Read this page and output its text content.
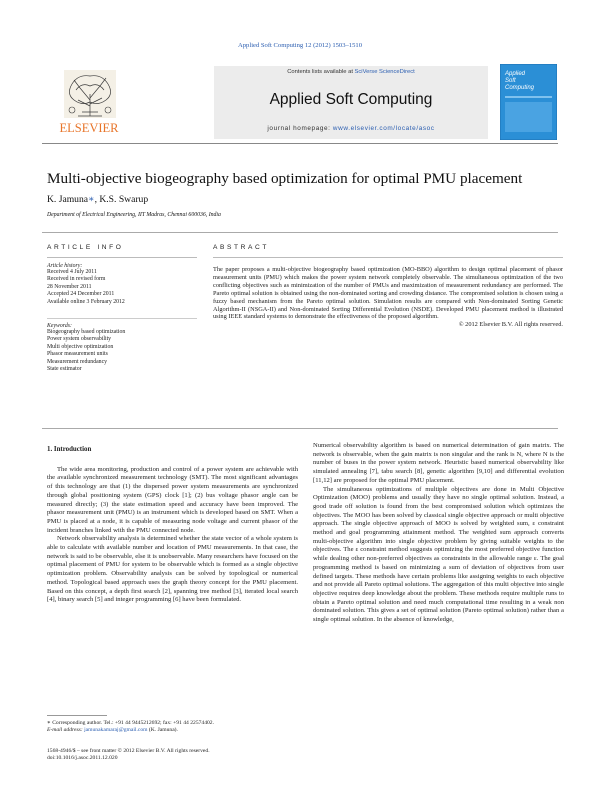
Applied Soft Computing 12 (2012) 1503–1510
ELSEVIER
Contents lists available at SciVerse ScienceDirect
Applied Soft Computing
journal homepage: www.elsevier.com/locate/asoc
Applied
Soft
Computing
Multi-objective biogeography based optimization for optimal PMU placement
K. Jamuna∗, K.S. Swarup
Department of Electrical Engineering, IIT Madras, Chennai 600036, India
ARTICLE INFO
Article history:
Received 4 July 2011
Received in revised form
28 November 2011
Accepted 24 December 2011
Available online 3 February 2012
Keywords:
Biogeography based optimization
Power system observability
Multi objective optimization
Phasor measurement units
Measurement redundancy
State estimator
ABSTRACT
The paper proposes a multi-objective biogeography based optimization (MO-BBO) algorithm to design optimal placement of phasor measurement units (PMU) which makes the power system network completely observable. The simultaneous optimization of the two conflicting objectives such as minimization of the number of PMUs and maximization of measurement redundancy are performed. The Pareto optimal solution is obtained using the non-dominated sorting and crowding distance. The compromised solution is chosen using a fuzzy based mechanism from the Pareto optimal solution. Simulation results are compared with Non-dominated Sorting Genetic Algorithm-II (NSGA-II) and Non-dominated Sorting Differential Evolution (NSDE). Developed PMU placement method is illustrated using IEEE standard systems to demonstrate the effectiveness of the proposed algorithm.
© 2012 Elsevier B.V. All rights reserved.

1. Introduction

The wide area monitoring, production and control of a power system are achievable with the available synchronized measurement technology (SMT). The most significant advantages of this technology are that (1) the dispersed power system measurements are synchronized through global positioning system (GPS) clock [1]; (2) bus voltage phasor angle can be measured directly; (3) the state estimation speed and accuracy have been improved. The phasor measurement unit (PMU) is an instrument which is developed based on SMT. When a PMU is placed at a node, it is capable of measuring node voltage and current phasor of the incident branches linked with the PMU connected node.

Network observability analysis is determined whether the state vector of a whole system is able to calculate with available number and location of PMU measurements. In that case, the network is said to be observable, else it is unobservable. Many researchers have focused on the optimal placement of PMU for system to be observable which is formed as a single objective optimization problem. Observability analysis can be solved by topological or numerical method. Topological based approach uses the graph theory concept for the PMU placement. Based on this concept, a depth first search [2], spanning tree method [3], iterated local search [4], binary search [5] and integer programming [6] have been formulated.

Numerical observability algorithm is based on numerical determination of gain matrix. The network is observable, when the gain matrix is non singular and the rank is N, where N is the number of buses in the power system network. Heuristic based numerical observability like simulated annealing [7], tabu search [8], genetic algorithm [9,10] and differential evolution [11,12] are proposed for the optimal PMU placement.

The simultaneous optimizations of multiple objectives are done in Multi Objective Optimization (MOO) problems and usually they have no single optimal solution. Instead, a good trade off solution is found from the best compromised solution which optimizes the objectives. The MOO has been solved by classical single objective approach or multi objective approach. The single objective approach of MOO is solved by weighted sum, ε constraint method and goal programming attainment method. The weighted sum approach converts multi-objective algorithm into single objective problem by giving suitable weights to the objectives. The ε constraint method suggests optimizing the most preferred objective function while dealing other non-preferred objectives as constraints in the allowable range ε. The goal programming method is based on minimizing a sum of deviation of objectives from user defined targets. These methods have certain problems like assigning weights to each objective and not provide all Pareto optimal solutions. The aggregation of this multi objective into single objective requires deep knowledge about the problem. These methods require multiple runs to obtain a Pareto optimal solution and need much computational time resulting in a weak non dominated solution. This gives a set of optimal solution (Pareto optimal solution) rather than a single optimal solution. In the absence of knowledge,

∗ Corresponding author. Tel.: +91 44 9445212692; fax: +91 44 22574402.
E-mail address: jamunakamaraj@gmail.com (K. Jamuna).
1568-4946/$ – see front matter © 2012 Elsevier B.V. All rights reserved.
doi:10.1016/j.asoc.2011.12.020
